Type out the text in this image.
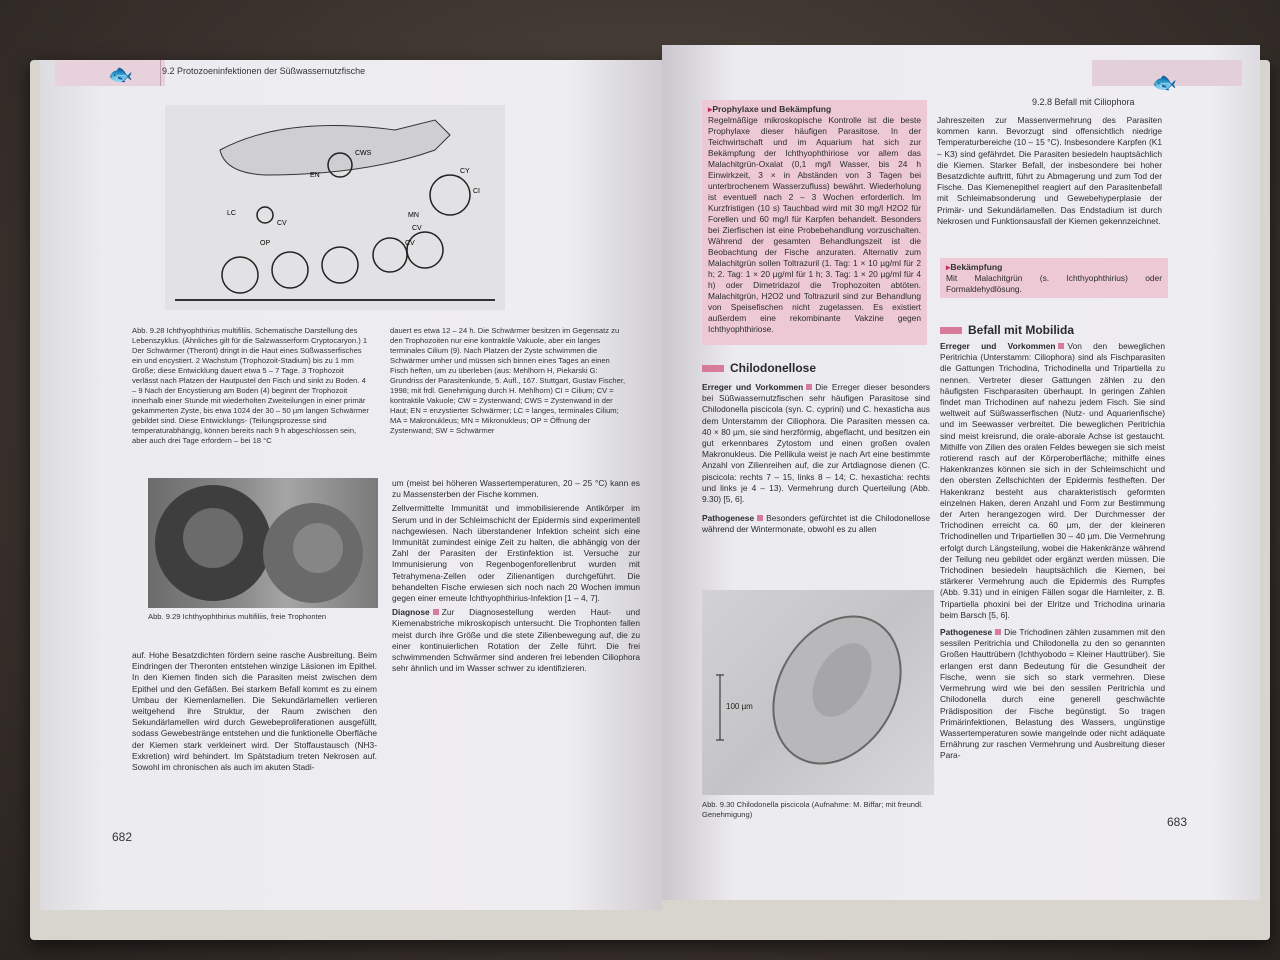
🐟	9.2 Protozoeninfektionen der Süßwassernutzfische
CWS
CY
CI
MN
CV
CV
LC
CV
OP
EN
Abb. 9.28 Ichthyophthirius multifiliis. Schematische Darstellung des Lebenszyklus. (Ähnliches gilt für die Salzwasserform Cryptocaryon.) 1 Der Schwärmer (Theront) dringt in die Haut eines Süßwasserfisches ein und encystiert. 2 Wachstum (Trophozoit-Stadium) bis zu 1 mm Größe; diese Entwicklung dauert etwa 5 – 7 Tage. 3 Trophozoit verlässt nach Platzen der Hautpustel den Fisch und sinkt zu Boden. 4 – 9 Nach der Encystierung am Boden (4) beginnt der Trophozoit innerhalb einer Stunde mit wiederholten Zweiteilungen in einer primär gekammerten Zyste, bis etwa 1024 der 30 – 50 µm langen Schwärmer gebildet sind. Diese Entwicklungs- (Teilungsprozesse sind temperaturabhängig, können bereits nach 9 h abgeschlossen sein, aber auch drei Tage erfordern – bei 18 °C
dauert es etwa 12 – 24 h. Die Schwärmer besitzen im Gegensatz zu den Trophozoiten nur eine kontraktile Vakuole, aber ein langes terminales Cilium (9). Nach Platzen der Zyste schwimmen die Schwärmer umher und müssen sich binnen eines Tages an einen Fisch heften, um zu überleben (aus: Mehlhorn H, Piekarski G: Grundriss der Parasitenkunde, 5. Aufl., 167. Stuttgart, Gustav Fischer, 1998; mit frdl. Genehmigung durch H. Mehlhorn) CI = Cilium; CV = kontraktile Vakuole; CW = Zystenwand; CWS = Zystenwand in der Haut; EN = enzystierter Schwärmer; LC = langes, terminales Cilium; MA = Makronukleus; MN = Mikronukleus; OP = Öffnung der Zystenwand; SW = Schwärmer
Abb. 9.29 Ichthyophthirius multifiliis, freie Trophonten

um (meist bei höheren Wassertemperaturen, 20 – 25 °C) kann es zu Massensterben der Fische kommen.

Zellvermittelte Immunität und immobilisierende Antikörper im Serum und in der Schleimschicht der Epidermis sind experimentell nachgewiesen. Nach überstandener Infektion scheint sich eine Immunität zumindest einige Zeit zu halten, die abhängig von der Zahl der Parasiten der Erstinfektion ist. Versuche zur Immunisierung von Regenbogenforellenbrut wurden mit Tetrahymena-Zellen oder Zilienantigen durchgeführt. Die behandelten Fische erwiesen sich noch nach 20 Wochen immun gegen einer erneute Ichthyophthirius-Infektion [1 – 4, 7].

Diagnose Zur Diagnosestellung werden Haut- und Kiemenabstriche mikroskopisch untersucht. Die Trophonten fallen meist durch ihre Größe und die stete Zilienbewegung auf, die zu einer kontinuierlichen Rotation der Zelle führt. Die frei schwimmenden Schwärmer sind anderen frei lebenden Ciliophora sehr ähnlich und im Wasser schwer zu identifizieren.

auf. Hohe Besatzdichten fördern seine rasche Ausbreitung. Beim Eindringen der Theronten entstehen winzige Läsionen im Epithel. In den Kiemen finden sich die Parasiten meist zwischen dem Epithel und den Gefäßen. Bei starkem Befall kommt es zu einem Umbau der Kiemenlamellen. Die Sekundärlamellen verlieren weitgehend ihre Struktur, der Raum zwischen den Sekundärlamellen wird durch Gewebeproliferationen ausgefüllt, sodass Gewebestränge entstehen und die funktionelle Oberfläche der Kiemen stark verkleinert wird. Der Stoffaustausch (NH3-Exkretion) wird behindert. Im Spätstadium treten Nekrosen auf. Sowohl im chronischen als auch im akuten Stadi-

682
9.2.8 Befall mit Ciliophora
🐟
▸ Prophylaxe und Bekämpfung
Regelmäßige mikroskopische Kontrolle ist die beste Prophylaxe dieser häufigen Parasitose. In der Teichwirtschaft und im Aquarium hat sich zur Bekämpfung der Ichthyophthiriose vor allem das Malachitgrün-Oxalat (0,1 mg/l Wasser, bis 24 h Einwirkzeit, 3 × in Abständen von 3 Tagen bei unterbrochenem Wasserzufluss) bewährt. Wiederholung ist eventuell nach 2 – 3 Wochen erforderlich. Im Kurzfristigen (10 s) Tauchbad wird mit 30 mg/l H2O2 für Forellen und 60 mg/l für Karpfen behandelt. Besonders bei Zierfischen ist eine Probebehandlung vorzuschalten. Während der gesamten Behandlungszeit ist die Beobachtung der Fische anzuraten. Alternativ zum Malachitgrün sollen Toltrazuril (1. Tag: 1 × 10 µg/ml für 2 h; 2. Tag: 1 × 20 µg/ml für 1 h; 3. Tag: 1 × 20 µg/ml für 4 h) oder Dimetridazol die Trophozoiten abtöten. Malachitgrün, H2O2 und Toltrazuril sind zur Behandlung von Speisefischen nicht zugelassen. Es existiert außerdem eine rekombinante Vakzine gegen Ichthyophthiriose.
Chilodonellose

Erreger und Vorkommen Die Erreger dieser besonders bei Süßwassernutzfischen sehr häufigen Parasitose sind Chilodonella piscicola (syn. C. cyprini) und C. hexasticha aus dem Unterstamm der Ciliophora. Die Parasiten messen ca. 40 × 80 µm, sie sind herzförmig, abgeflacht, und besitzen ein gut erkennbares Zytostom und einen großen ovalen Makronukleus. Die Pellikula weist je nach Art eine bestimmte Anzahl von Zilienreihen auf, die zur Artdiagnose dienen (C. piscicola: rechts 7 – 15, links 8 – 14; C. hexasticha: rechts und links je 4 – 13). Vermehrung durch Querteilung (Abb. 9.30) [5, 6].

Pathogenese Besonders gefürchtet ist die Chilodonellose während der Wintermonate, obwohl es zu allen

100 µm
Abb. 9.30 Chilodonella piscicola (Aufnahme: M. Biffar; mit freundl. Genehmigung)

Jahreszeiten zur Massenvermehrung des Parasiten kommen kann. Bevorzugt sind offensichtlich niedrige Temperaturbereiche (10 – 15 °C). Insbesondere Karpfen (K1 – K3) sind gefährdet. Die Parasiten besiedeln hauptsächlich die Kiemen. Starker Befall, der insbesondere bei hoher Besatzdichte auftritt, führt zu Abmagerung und zum Tod der Fische. Das Kiemenepithel reagiert auf den Parasitenbefall mit Schleimabsonderung und Gewebehyperplasie der Primär- und Sekundärlamellen. Das Endstadium ist durch Nekrosen und Funktionsausfall der Kiemen gekennzeichnet.

▸ Bekämpfung
Mit Malachitgrün (s. Ichthyophthirius) oder Formaldehydlösung.
Befall mit Mobilida

Erreger und Vorkommen Von den beweglichen Peritrichia (Unterstamm: Ciliophora) sind als Fischparasiten die Gattungen Trichodina, Trichodinella und Tripartiella zu nennen. Vertreter dieser Gattungen zählen zu den häufigsten Fischparasiten überhaupt. In geringen Zahlen findet man Trichodinen auf nahezu jedem Fisch. Sie sind weltweit auf Süßwasserfischen (Nutz- und Aquarienfische) und im Seewasser verbreitet. Die beweglichen Peritrichia sind meist kreisrund, die orale-aborale Achse ist gestaucht. Mithilfe von Zilien des oralen Feldes bewegen sie sich meist rotierend rasch auf der Körperoberfläche; mithilfe eines Hakenkranzes können sie sich in der Schleimschicht und den obersten Zellschichten der Epidermis festheften. Der Hakenkranz besteht aus charakteristisch geformten einzelnen Haken, deren Anzahl und Form zur Bestimmung der Arten herangezogen wird. Der Durchmesser der Trichodinen erreicht ca. 60 µm, der der kleineren Trichodinellen und Tripartiellen 30 – 40 µm. Die Vermehrung erfolgt durch Längsteilung, wobei die Hakenkränze während der Teilung neu gebildet oder ergänzt werden müssen. Die Trichodinen besiedeln hauptsächlich die Kiemen, bei stärkerer Vermehrung auch die Epidermis des Rumpfes (Abb. 9.31) und in einigen Fällen sogar die Harnleiter, z. B. Tripartiella phoxini bei der Elritze und Trichodina urinaria beim Barsch [5, 6].

Pathogenese Die Trichodinen zählen zusammen mit den sessilen Peritrichia und Chilodonella zu den so genannten Großen Hauttrübern (Ichthyobodo = Kleiner Hauttrüber). Sie erlangen erst dann Bedeutung für die Gesundheit der Fische, wenn sie sich so stark vermehren. Diese Vermehrung wird wie bei den sessilen Peritrichia und Chilodonella durch eine generell geschwächte Prädisposition der Fische begünstigt. So tragen Primärinfektionen, Belastung des Wassers, ungünstige Wassertemperaturen sowie mangelnde oder nicht adäquate Ernährung zur raschen Vermehrung und Ausbreitung dieser Para-

683
